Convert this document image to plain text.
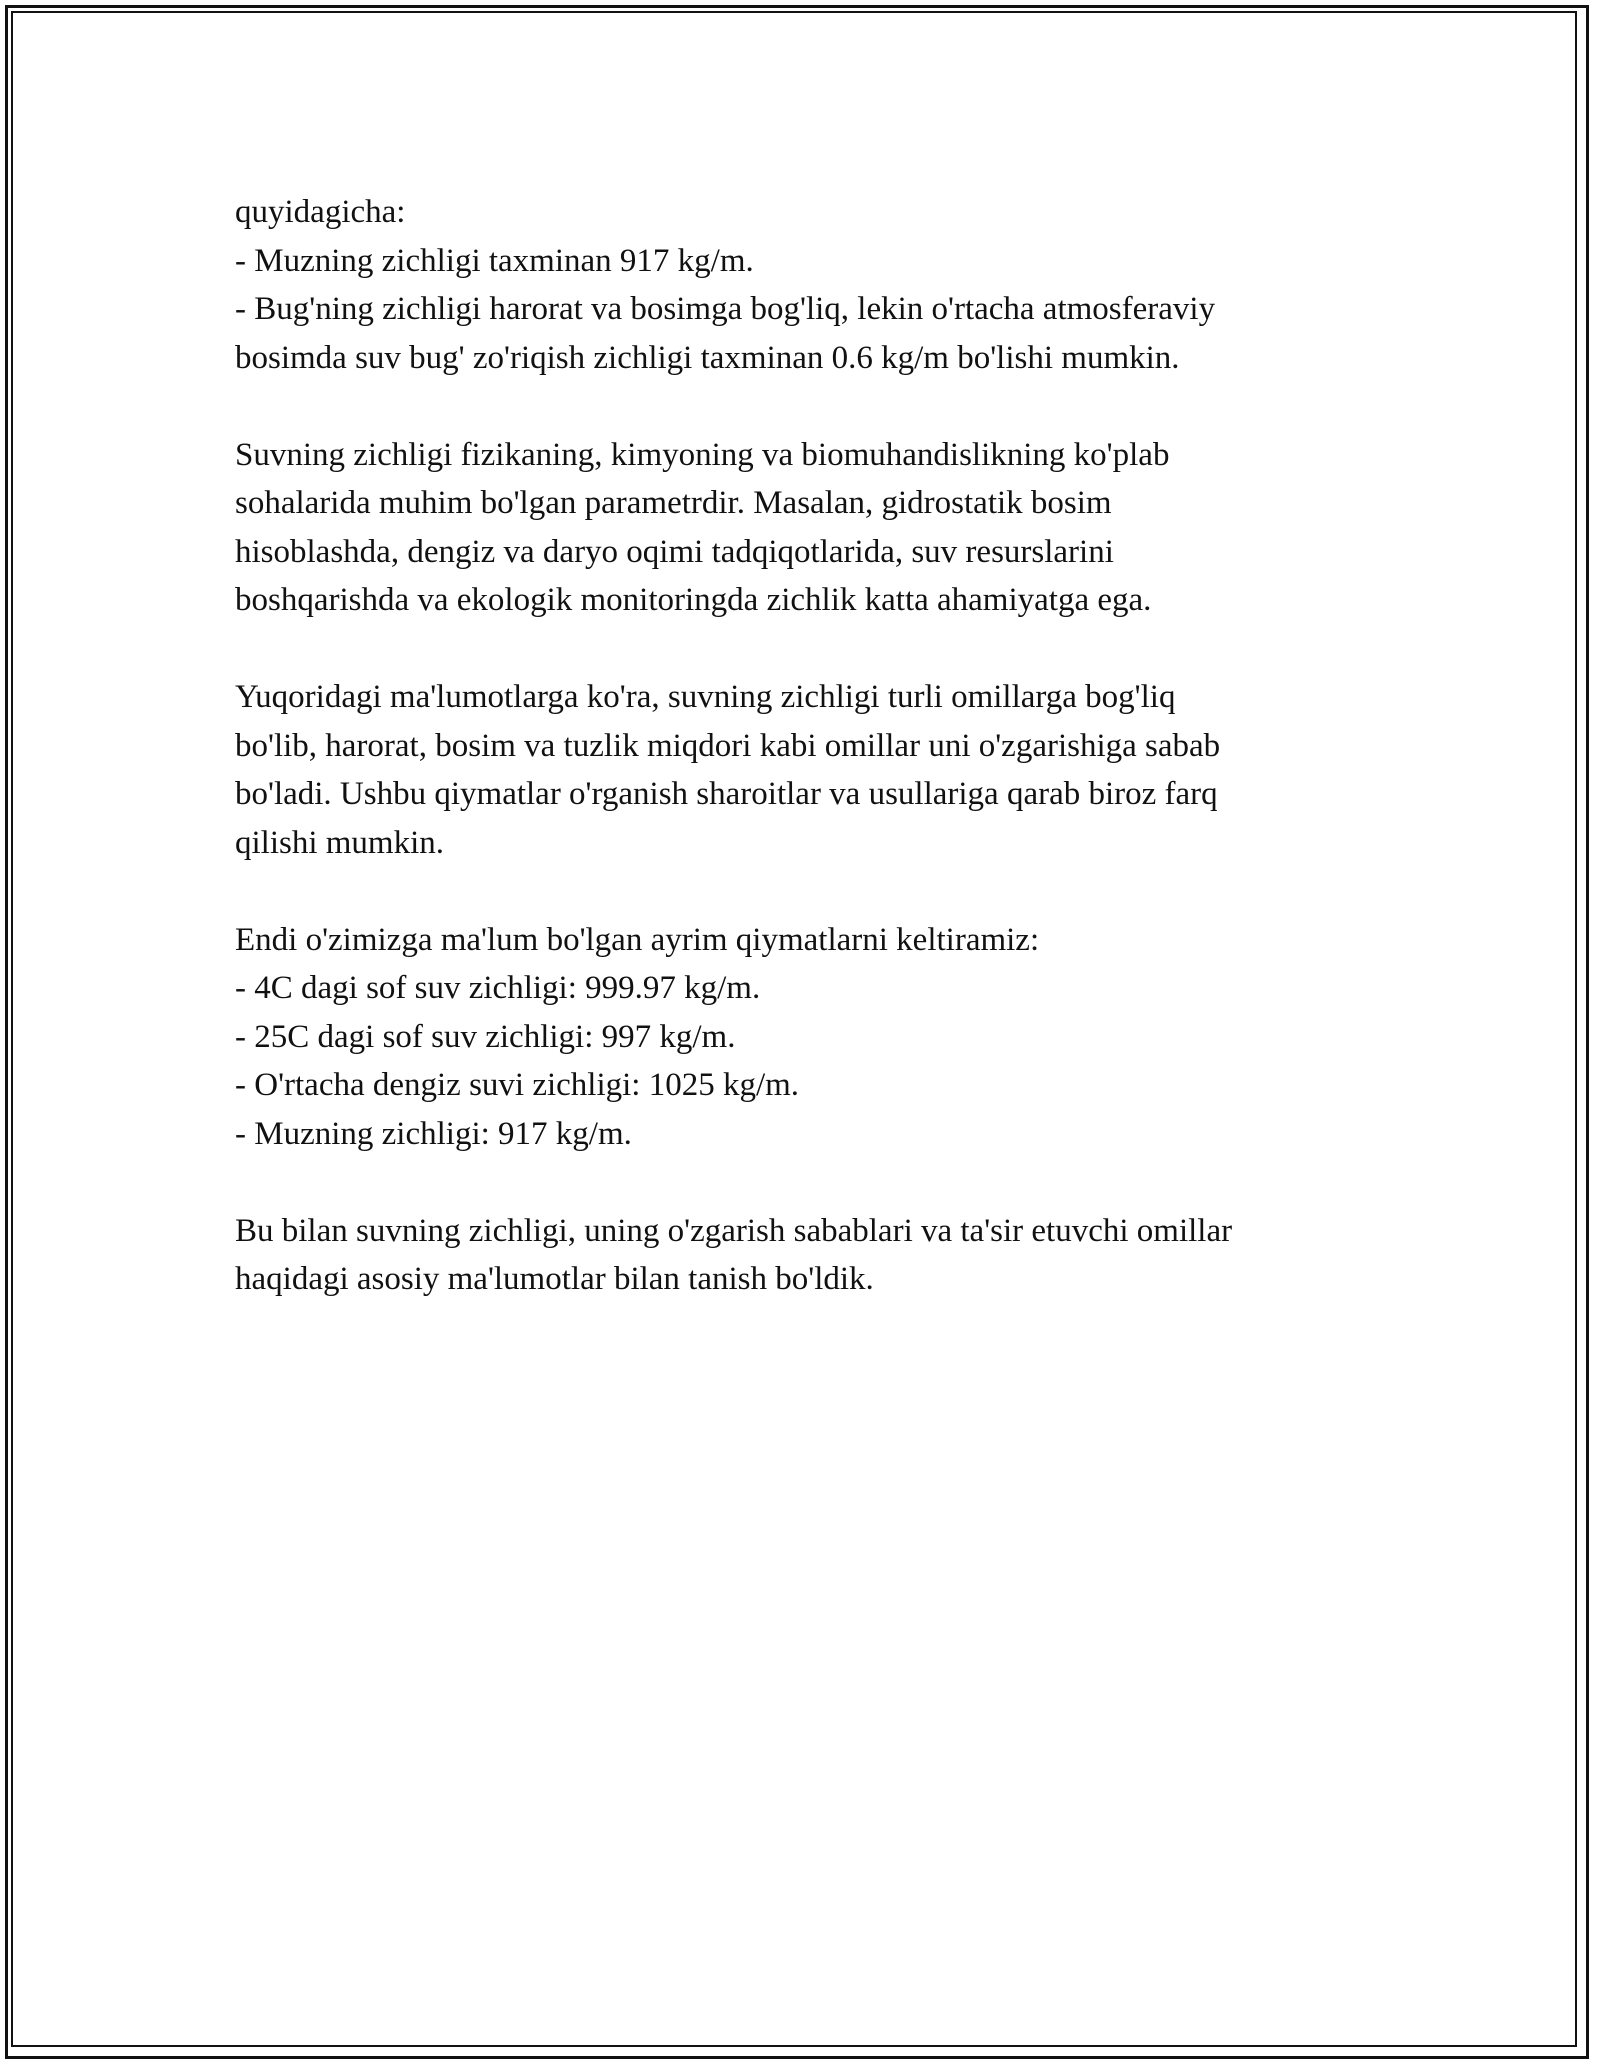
quyidagicha:
- Muzning zichligi taxminan 917 kg/m.
- Bug'ning zichligi harorat va bosimga bog'liq, lekin o'rtacha atmosferaviy
bosimda suv bug' zo'riqish zichligi taxminan 0.6 kg/m bo'lishi mumkin.
Suvning zichligi fizikaning, kimyoning va biomuhandislikning ko'plab
sohalarida muhim bo'lgan parametrdir. Masalan, gidrostatik bosim
hisoblashda, dengiz va daryo oqimi tadqiqotlarida, suv resurslarini
boshqarishda va ekologik monitoringda zichlik katta ahamiyatga ega.
Yuqoridagi ma'lumotlarga ko'ra, suvning zichligi turli omillarga bog'liq
bo'lib, harorat, bosim va tuzlik miqdori kabi omillar uni o'zgarishiga sabab
bo'ladi. Ushbu qiymatlar o'rganish sharoitlar va usullariga qarab biroz farq
qilishi mumkin.
Endi o'zimizga ma'lum bo'lgan ayrim qiymatlarni keltiramiz:
- 4C dagi sof suv zichligi: 999.97 kg/m.
- 25C dagi sof suv zichligi: 997 kg/m.
- O'rtacha dengiz suvi zichligi: 1025 kg/m.
- Muzning zichligi: 917 kg/m.
Bu bilan suvning zichligi, uning o'zgarish sabablari va ta'sir etuvchi omillar
haqidagi asosiy ma'lumotlar bilan tanish bo'ldik.
